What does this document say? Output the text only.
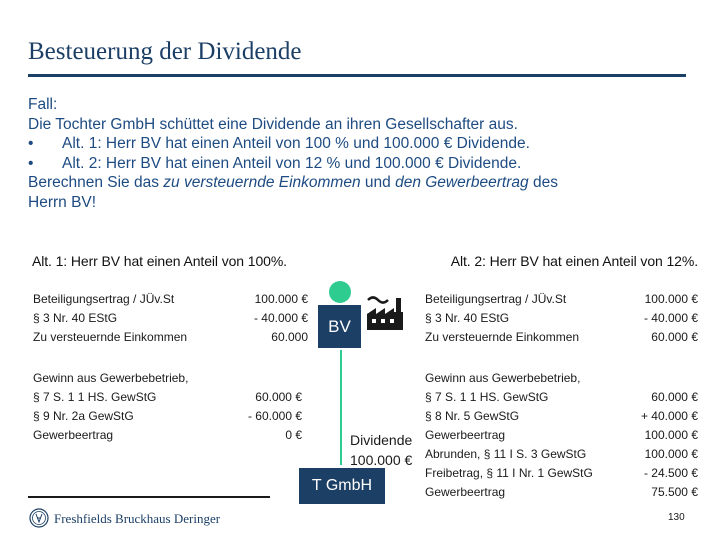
Besteuerung der Dividende
Fall:
Die Tochter GmbH schüttet eine Dividende an ihren Gesellschafter aus.
• Alt. 1: Herr BV hat einen Anteil von 100 % und 100.000 € Dividende.
• Alt. 2: Herr BV hat einen Anteil von 12 % und 100.000 € Dividende.
Berechnen Sie das zu versteuernde Einkommen und den Gewerbeertrag des
Herrn BV!
Alt. 1: Herr BV hat einen Anteil von 100%.	Alt. 2: Herr BV hat einen Anteil von 12%.
Beteiligungsertrag / JÜv.St
§ 3 Nr. 40 EStG
Zu versteuernde Einkommen
100.000 €
- 40.000 €
60.000
Gewinn aus Gewerbebetrieb,
§ 7 S. 1 1 HS. GewStG
§ 9 Nr. 2a GewStG
Gewerbeertrag
60.000 €
- 60.000 €
0 €
Beteiligungsertrag / JÜv.St
§ 3 Nr. 40 EStG
Zu versteuernde Einkommen
100.000 €
- 40.000 €
60.000 €
Gewinn aus Gewerbebetrieb,
§ 7 S. 1 1 HS. GewStG
§ 8 Nr. 5 GewStG
Gewerbeertrag
Abrunden, § 11 I S. 3 GewStG
Freibetrag, § 11 I Nr. 1 GewStG
Gewerbeertrag
60.000 €
+ 40.000 €
100.000 €
100.000 €
- 24.500 €
75.500 €
BV
T GmbH
Dividende
100.000 €
Freshfields Bruckhaus Deringer	130
